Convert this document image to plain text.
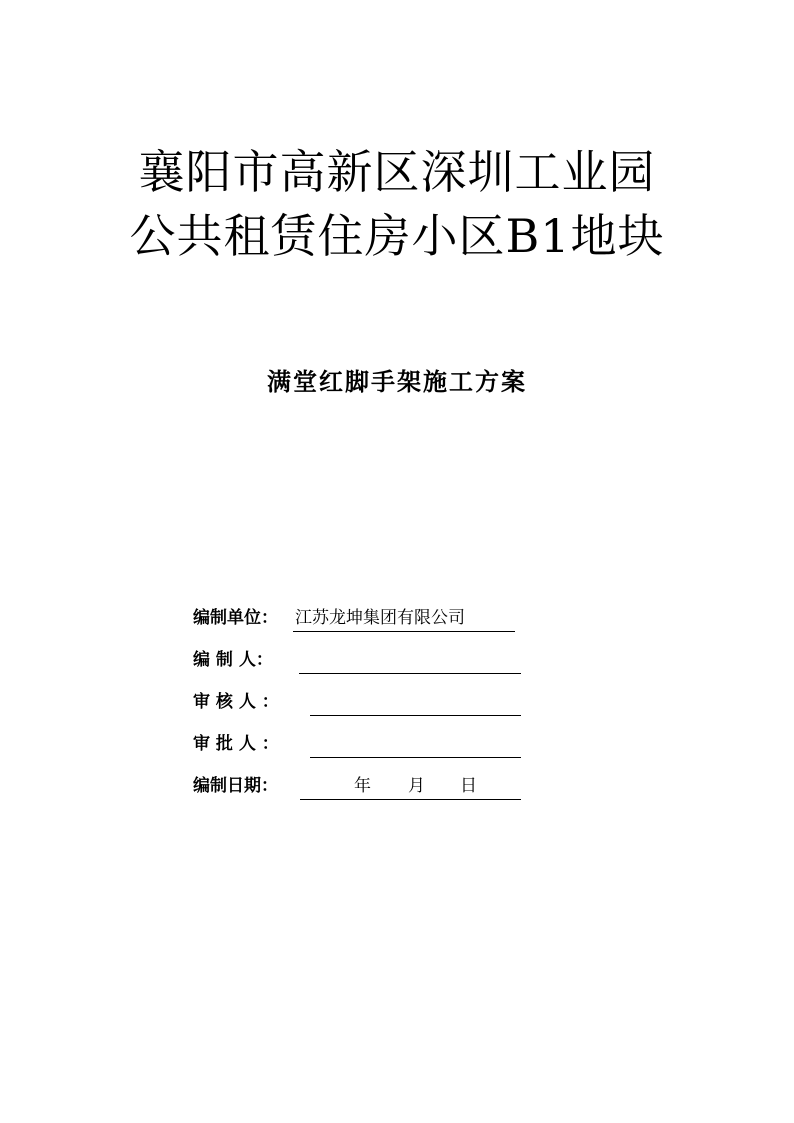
襄阳市高新区深圳工业园
公共租赁住房小区B1地块
满堂红脚手架施工方案
编制单位： 江苏龙坤集团有限公司
编 制 人：
审 核 人 ：
审 批 人 ：
编制日期：	年 月 日
